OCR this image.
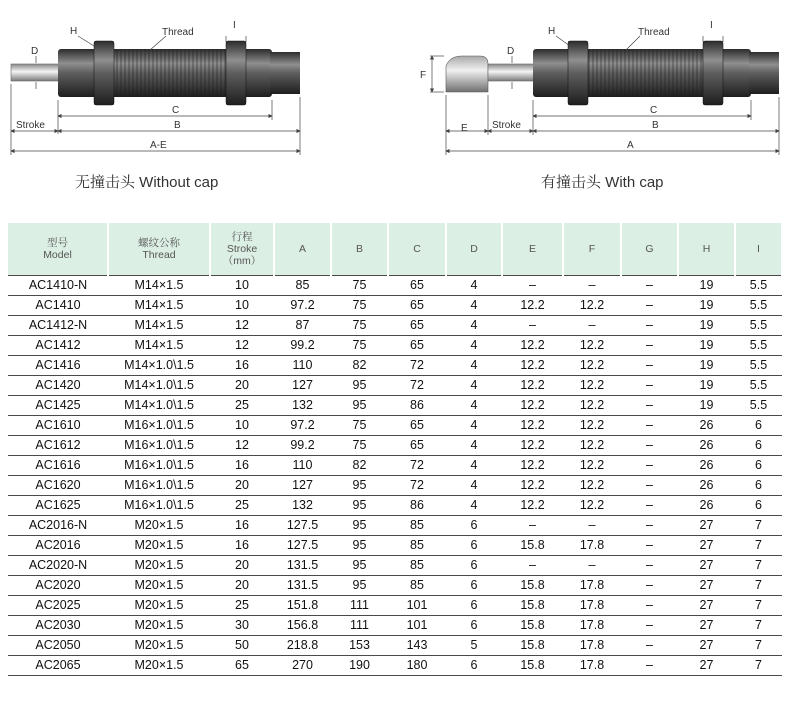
D
H	Thread
I
C
Stroke	B
A-E
D
H	Thread
I
F
C
E Stroke	B
A
无撞击头 Without cap	有撞击头 With cap
型号
Model	螺纹公称
Thread	行程
Stroke
（mm）	A	B	C	D	E	F	G	H	I
AC1410-N	M14×1.5	10	85	75	65	4	–	–	–	19	5.5
AC1410	M14×1.5	10	97.2	75	65	4	12.2	12.2	–	19	5.5
AC1412-N	M14×1.5	12	87	75	65	4	–	–	–	19	5.5
AC1412	M14×1.5	12	99.2	75	65	4	12.2	12.2	–	19	5.5
AC1416	M14×1.0\1.5	16	110	82	72	4	12.2	12.2	–	19	5.5
AC1420	M14×1.0\1.5	20	127	95	72	4	12.2	12.2	–	19	5.5
AC1425	M14×1.0\1.5	25	132	95	86	4	12.2	12.2	–	19	5.5
AC1610	M16×1.0\1.5	10	97.2	75	65	4	12.2	12.2	–	26	6
AC1612	M16×1.0\1.5	12	99.2	75	65	4	12.2	12.2	–	26	6
AC1616	M16×1.0\1.5	16	110	82	72	4	12.2	12.2	–	26	6
AC1620	M16×1.0\1.5	20	127	95	72	4	12.2	12.2	–	26	6
AC1625	M16×1.0\1.5	25	132	95	86	4	12.2	12.2	–	26	6
AC2016-N	M20×1.5	16	127.5	95	85	6	–	–	–	27	7
AC2016	M20×1.5	16	127.5	95	85	6	15.8	17.8	–	27	7
AC2020-N	M20×1.5	20	131.5	95	85	6	–	–	–	27	7
AC2020	M20×1.5	20	131.5	95	85	6	15.8	17.8	–	27	7
AC2025	M20×1.5	25	151.8	111	101	6	15.8	17.8	–	27	7
AC2030	M20×1.5	30	156.8	111	101	6	15.8	17.8	–	27	7
AC2050	M20×1.5	50	218.8	153	143	5	15.8	17.8	–	27	7
AC2065	M20×1.5	65	270	190	180	6	15.8	17.8	–	27	7
